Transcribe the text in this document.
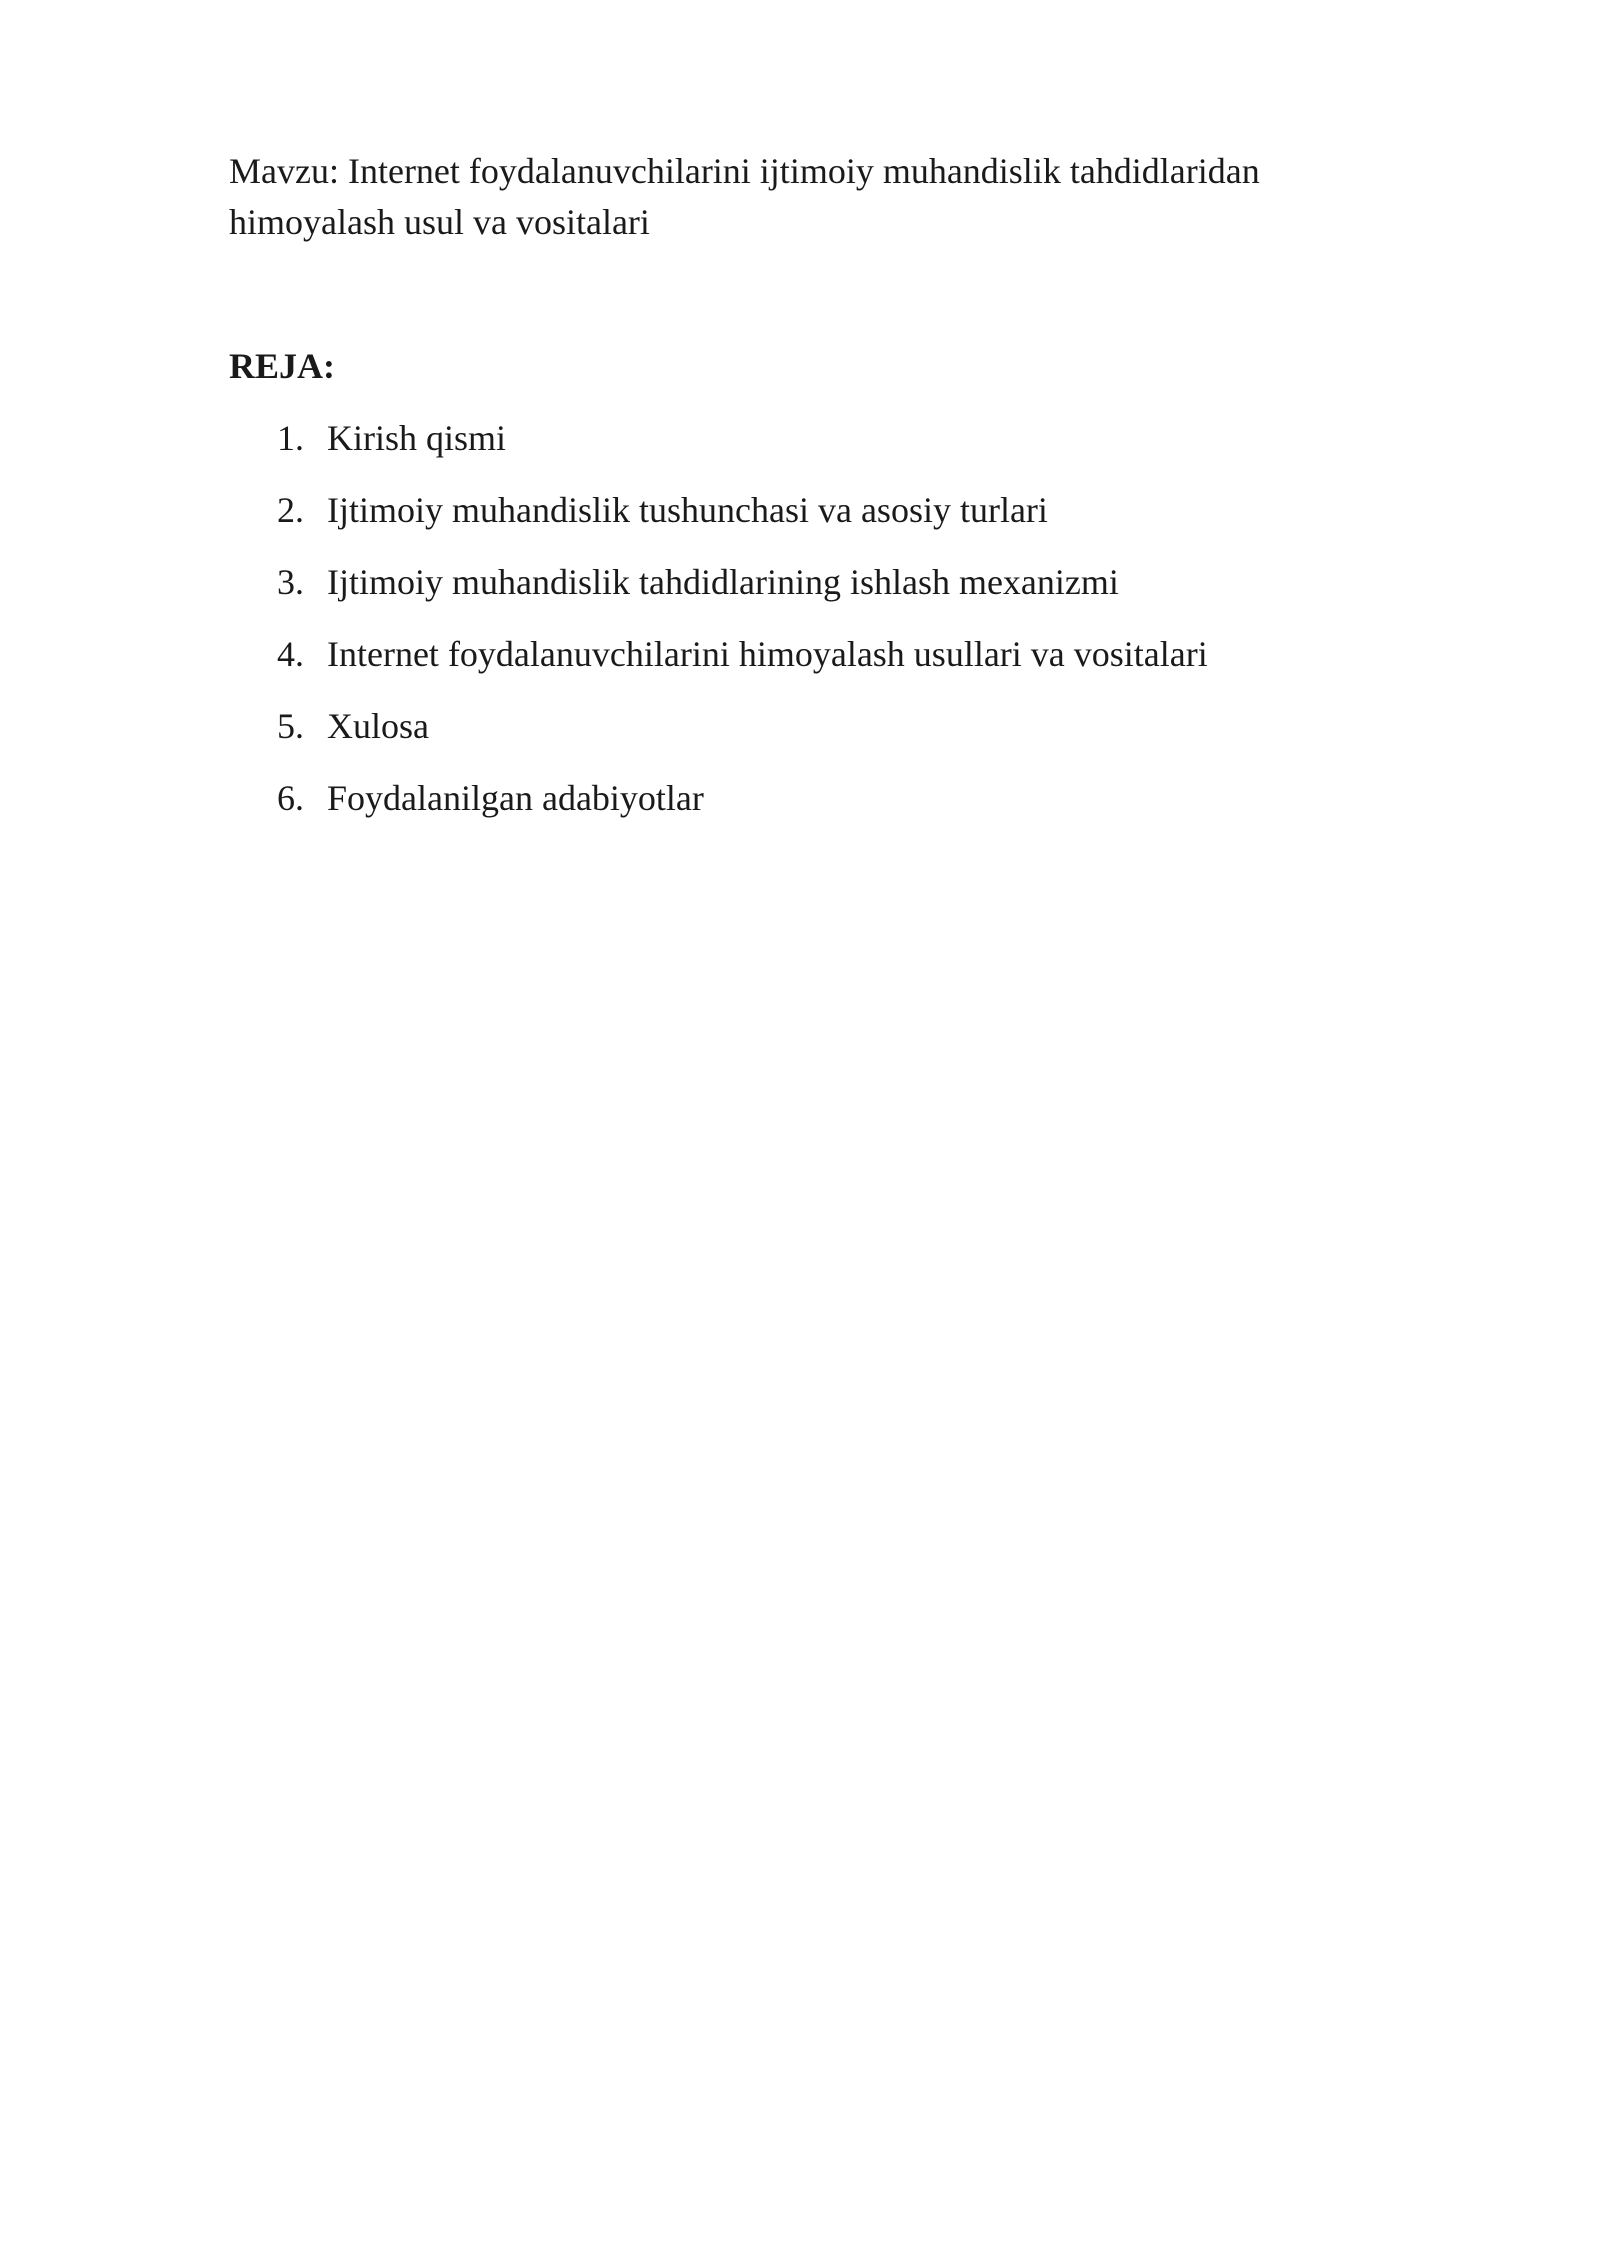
Mavzu: Internet foydalanuvchilarini ijtimoiy muhandislik tahdidlaridan himoyalash usul va vositalari

REJA:

1. Kirish qismi
2. Ijtimoiy muhandislik tushunchasi va asosiy turlari
3. Ijtimoiy muhandislik tahdidlarining ishlash mexanizmi
4. Internet foydalanuvchilarini himoyalash usullari va vositalari
5. Xulosa
6. Foydalanilgan adabiyotlar
